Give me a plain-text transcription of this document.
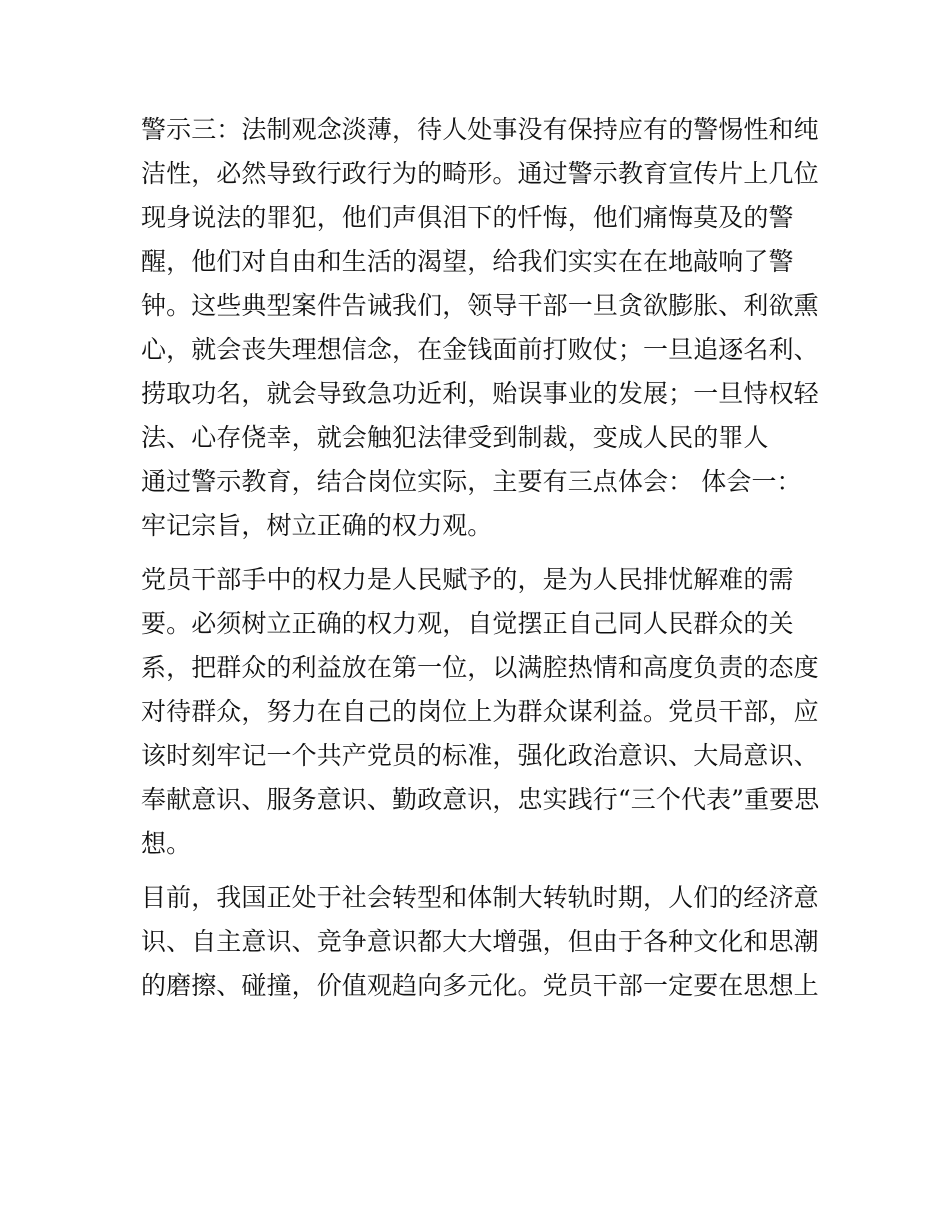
警示三：法制观念淡薄，待人处事没有保持应有的警惕性和纯
洁性，必然导致行政行为的畸形。通过警示教育宣传片上几位
现身说法的罪犯，他们声俱泪下的忏悔，他们痛悔莫及的警
醒，他们对自由和生活的渴望，给我们实实在在地敲响了警
钟。这些典型案件告诫我们，领导干部一旦贪欲膨胀、利欲熏
心，就会丧失理想信念，在金钱面前打败仗；一旦追逐名利、
捞取功名，就会导致急功近利，贻误事业的发展；一旦恃权轻
法、心存侥幸，就会触犯法律受到制裁，变成人民的罪人
通过警示教育，结合岗位实际，主要有三点体会： 体会一：
牢记宗旨，树立正确的权力观。
党员干部手中的权力是人民赋予的，是为人民排忧解难的需
要。必须树立正确的权力观，自觉摆正自己同人民群众的关
系，把群众的利益放在第一位，以满腔热情和高度负责的态度
对待群众，努力在自己的岗位上为群众谋利益。党员干部，应
该时刻牢记一个共产党员的标准，强化政治意识、大局意识、
奉献意识、服务意识、勤政意识，忠实践行“三个代表”重要思
想。
目前，我国正处于社会转型和体制大转轨时期，人们的经济意
识、自主意识、竞争意识都大大增强，但由于各种文化和思潮
的磨擦、碰撞，价值观趋向多元化。党员干部一定要在思想上
